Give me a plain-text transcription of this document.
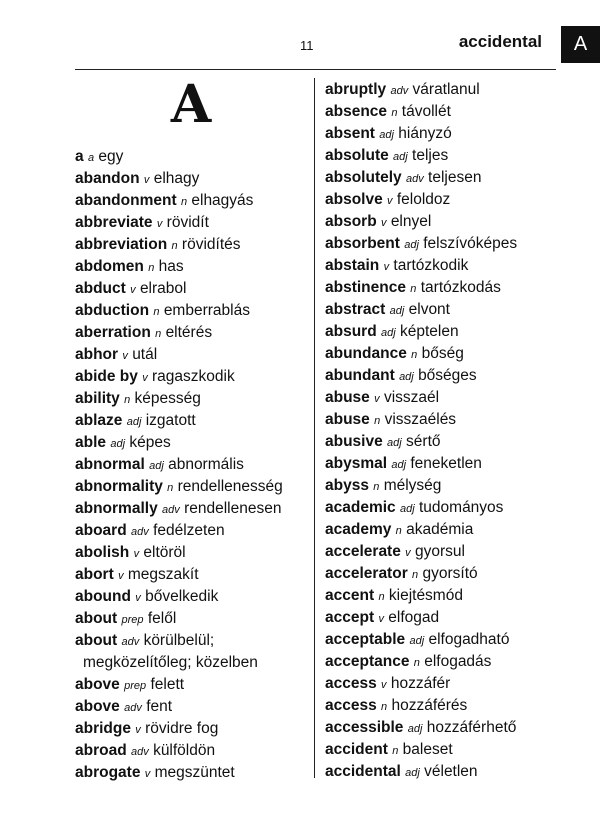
11	accidental	A
A
a a egy
abandon v elhagy
abandonment n elhagyás
abbreviate v rövidít
abbreviation n rövidítés
abdomen n has
abduct v elrabol
abduction n emberrablás
aberration n eltérés
abhor v utál
abide by v ragaszkodik
ability n képesség
ablaze adj izgatott
able adj képes
abnormal adj abnormális
abnormality n rendellenesség
abnormally adv rendellenesen
aboard adv fedélzeten
abolish v eltöröl
abort v megszakít
abound v bővelkedik
about prep felől
about adv körülbelül;
megközelítőleg; közelben
above prep felett
above adv fent
abridge v rövidre fog
abroad adv külföldön
abrogate v megszüntet
abruptly adv váratlanul
absence n távollét
absent adj hiányzó
absolute adj teljes
absolutely adv teljesen
absolve v feloldoz
absorb v elnyel
absorbent adj felszívóképes
abstain v tartózkodik
abstinence n tartózkodás
abstract adj elvont
absurd adj képtelen
abundance n bőség
abundant adj bőséges
abuse v visszaél
abuse n visszaélés
abusive adj sértő
abysmal adj feneketlen
abyss n mélység
academic adj tudományos
academy n akadémia
accelerate v gyorsul
accelerator n gyorsító
accent n kiejtésmód
accept v elfogad
acceptable adj elfogadható
acceptance n elfogadás
access v hozzáfér
access n hozzáférés
accessible adj hozzáférhető
accident n baleset
accidental adj véletlen
